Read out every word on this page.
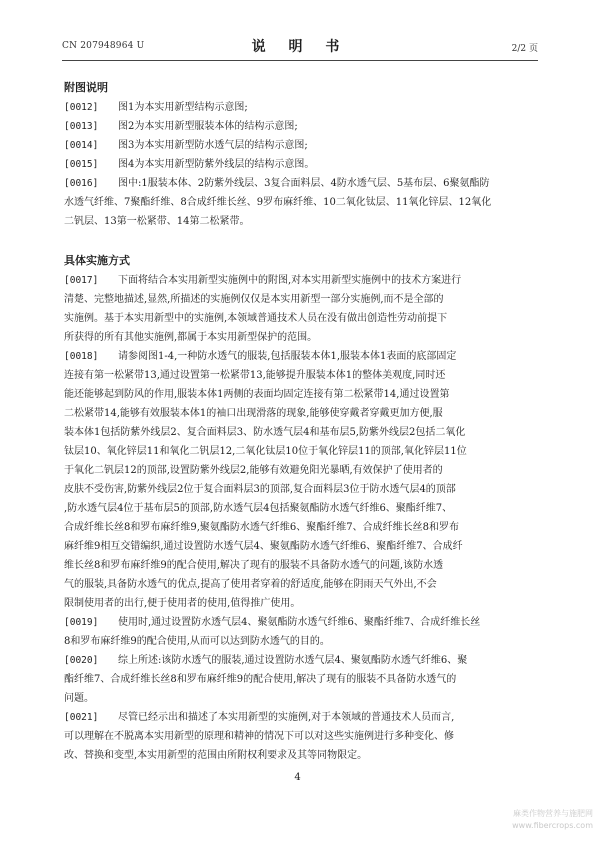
CN 207948964 U	说 明 书	2/2 页
附图说明
[0012]	图1为本实用新型结构示意图;
[0013]	图2为本实用新型服装本体的结构示意图;
[0014]	图3为本实用新型防水透气层的结构示意图;
[0015]	图4为本实用新型防紫外线层的结构示意图。
[0016]	图中:1服装本体、2防紫外线层、3复合面料层、4防水透气层、5基布层、6聚氨酯防
水透气纤维、7聚酯纤维、8合成纤维长丝、9罗布麻纤维、10二氧化钛层、11氧化锌层、12氧化
二钒层、13第一松紧带、14第二松紧带。
具体实施方式
[0017]	下面将结合本实用新型实施例中的附图,对本实用新型实施例中的技术方案进行
清楚、完整地描述,显然,所描述的实施例仅仅是本实用新型一部分实施例,而不是全部的
实施例。基于本实用新型中的实施例,本领域普通技术人员在没有做出创造性劳动前提下
所获得的所有其他实施例,都属于本实用新型保护的范围。
[0018]	请参阅图1-4,一种防水透气的服装,包括服装本体1,服装本体1表面的底部固定
连接有第一松紧带13,通过设置第一松紧带13,能够提升服装本体1的整体美观度,同时还
能还能够起到防风的作用,服装本体1两侧的表面均固定连接有第二松紧带14,通过设置第
二松紧带14,能够有效服装本体1的袖口出现滑落的现象,能够使穿戴者穿戴更加方便,服
装本体1包括防紫外线层2、复合面料层3、防水透气层4和基布层5,防紫外线层2包括二氧化
钛层10、氧化锌层11和氧化二钒层12,二氧化钛层10位于氧化锌层11的顶部,氧化锌层11位
于氧化二钒层12的顶部,设置防紫外线层2,能够有效避免阳光暴晒,有效保护了使用者的
皮肤不受伤害,防紫外线层2位于复合面料层3的顶部,复合面料层3位于防水透气层4的顶部
,防水透气层4位于基布层5的顶部,防水透气层4包括聚氨酯防水透气纤维6、聚酯纤维7、
合成纤维长丝8和罗布麻纤维9,聚氨酯防水透气纤维6、聚酯纤维7、合成纤维长丝8和罗布
麻纤维9相互交错编织,通过设置防水透气层4、聚氨酯防水透气纤维6、聚酯纤维7、合成纤
维长丝8和罗布麻纤维9的配合使用,解决了现有的服装不具备防水透气的问题,该防水透
气的服装,具备防水透气的优点,提高了使用者穿着的舒适度,能够在阴雨天气外出,不会
限制使用者的出行,便于使用者的使用,值得推广使用。
[0019]	使用时,通过设置防水透气层4、聚氨酯防水透气纤维6、聚酯纤维7、合成纤维长丝
8和罗布麻纤维9的配合使用,从而可以达到防水透气的目的。
[0020]	综上所述:该防水透气的服装,通过设置防水透气层4、聚氨酯防水透气纤维6、聚
酯纤维7、合成纤维长丝8和罗布麻纤维9的配合使用,解决了现有的服装不具备防水透气的
问题。
[0021]	尽管已经示出和描述了本实用新型的实施例,对于本领域的普通技术人员而言,
可以理解在不脱离本实用新型的原理和精神的情况下可以对这些实施例进行多种变化、修
改、替换和变型,本实用新型的范围由所附权利要求及其等同物限定。
4
麻类作物营养与施肥网
www.fibercrops.com
